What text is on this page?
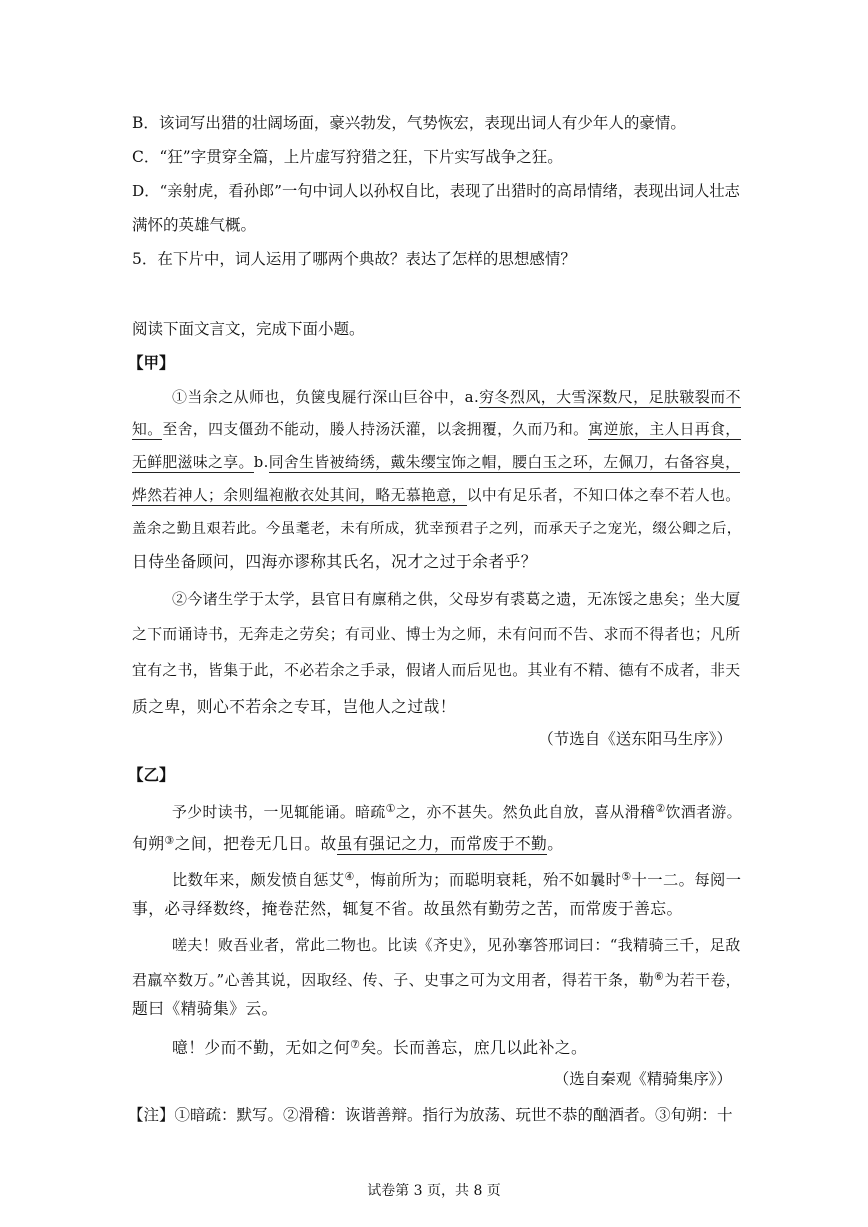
B．该词写出猎的壮阔场面，豪兴勃发，气势恢宏，表现出词人有少年人的豪情。
C．“狂”字贯穿全篇，上片虚写狩猎之狂，下片实写战争之狂。
D．“亲射虎，看孙郎”一句中词人以孙权自比，表现了出猎时的高昂情绪，表现出词人壮志
满怀的英雄气概。
5．在下片中，词人运用了哪两个典故？表达了怎样的思想感情？
阅读下面文言文，完成下面小题。
【甲】
①当余之从师也，负箧曳屣行深山巨谷中，a.穷冬烈风，大雪深数尺，足肤皲裂而不
知。至舍，四支僵劲不能动，媵人持汤沃灌，以衾拥覆，久而乃和。寓逆旅，主人日再食，
无鲜肥滋味之享。b.同舍生皆被绮绣，戴朱缨宝饰之帽，腰白玉之环，左佩刀，右备容臭，
烨然若神人；余则缊袍敝衣处其间，略无慕艳意，以中有足乐者，不知口体之奉不若人也。
盖余之勤且艰若此。今虽耄老，未有所成，犹幸预君子之列，而承天子之宠光，缀公卿之后，
日侍坐备顾问，四海亦谬称其氏名，况才之过于余者乎？
②今诸生学于太学，县官日有廪稍之供，父母岁有裘葛之遗，无冻馁之患矣；坐大厦
之下而诵诗书，无奔走之劳矣；有司业、博士为之师，未有问而不告、求而不得者也；凡所
宜有之书，皆集于此，不必若余之手录，假诸人而后见也。其业有不精、德有不成者，非天
质之卑，则心不若余之专耳，岂他人之过哉！
（节选自《送东阳马生序》）
【乙】
予少时读书，一见辄能诵。暗疏①之，亦不甚失。然负此自放，喜从滑稽②饮酒者游。
旬朔③之间，把卷无几日。故虽有强记之力，而常废于不勤。
比数年来，颇发愤自惩艾④，悔前所为；而聪明衰耗，殆不如曩时⑤十一二。每阅一
事，必寻绎数终，掩卷茫然，辄复不省。故虽然有勤劳之苦，而常废于善忘。
嗟夫！败吾业者，常此二物也。比读《齐史》，见孙搴答邢词曰：“我精骑三千，足敌
君羸卒数万。”心善其说，因取经、传、子、史事之可为文用者，得若干条，勒⑥为若干卷，
题曰《精骑集》云。
噫！少而不勤，无如之何⑦矣。长而善忘，庶几以此补之。
（选自秦观《精骑集序》）
【注】①暗疏：默写。②滑稽：诙谐善辩。指行为放荡、玩世不恭的酗酒者。③旬朔：十
试卷第 3 页，共 8 页
